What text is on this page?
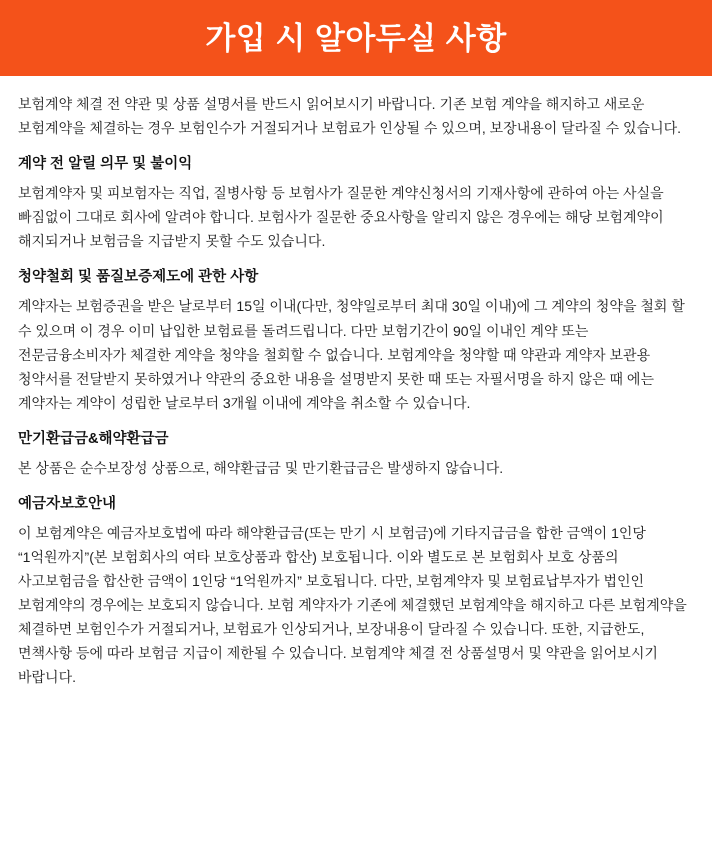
가입 시 알아두실 사항

보험계약 체결 전 약관 및 상품 설명서를 반드시 읽어보시기 바랍니다. 기존 보험 계약을 해지하고 새로운 보험계약을 체결하는 경우 보험인수가 거절되거나 보험료가 인상될 수 있으며, 보장내용이 달라질 수 있습니다.

계약 전 알릴 의무 및 불이익

보험계약자 및 피보험자는 직업, 질병사항 등 보험사가 질문한 계약신청서의 기재사항에 관하여 아는 사실을 빠짐없이 그대로 회사에 알려야 합니다. 보험사가 질문한 중요사항을 알리지 않은 경우에는 해당 보험계약이 해지되거나 보험금을 지급받지 못할 수도 있습니다.

청약철회 및 품질보증제도에 관한 사항

계약자는 보험증권을 받은 날로부터 15일 이내(다만, 청약일로부터 최대 30일 이내)에 그 계약의 청약을 철회 할 수 있으며 이 경우 이미 납입한 보험료를 돌려드립니다. 다만 보험기간이 90일 이내인 계약 또는 전문금융소비자가 체결한 계약을 청약을 철회할 수 없습니다. 보험계약을 청약할 때 약관과 계약자 보관용 청약서를 전달받지 못하였거나 약관의 중요한 내용을 설명받지 못한 때 또는 자필서명을 하지 않은 때 에는 계약자는 계약이 성립한 날로부터 3개월 이내에 계약을 취소할 수 있습니다.

만기환급금&해약환급금

본 상품은 순수보장성 상품으로, 해약환급금 및 만기환급금은 발생하지 않습니다.

예금자보호안내

이 보험계약은 예금자보호법에 따라 해약환급금(또는 만기 시 보험금)에 기타지급금을 합한 금액이 1인당 “1억원까지”(본 보험회사의 여타 보호상품과 합산) 보호됩니다. 이와 별도로 본 보험회사 보호 상품의 사고보험금을 합산한 금액이 1인당 “1억원까지” 보호됩니다. 다만, 보험계약자 및 보험료납부자가 법인인 보험계약의 경우에는 보호되지 않습니다. 보험 계약자가 기존에 체결했던 보험계약을 해지하고 다른 보험계약을 체결하면 보험인수가 거절되거나, 보험료가 인상되거나, 보장내용이 달라질 수 있습니다. 또한, 지급한도, 면책사항 등에 따라 보험금 지급이 제한될 수 있습니다. 보험계약 체결 전 상품설명서 및 약관을 읽어보시기 바랍니다.
